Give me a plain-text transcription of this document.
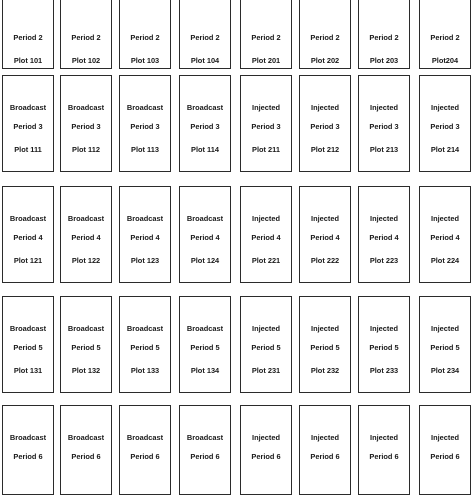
Period 2
Plot 101
Period 2
Plot 102
Period 2
Plot 103
Period 2
Plot 104
Period 2
Plot 201
Period 2
Plot 202
Period 2
Plot 203
Period 2
Plot204
Broadcast
Period 3
Plot 111
Broadcast
Period 3
Plot 112
Broadcast
Period 3
Plot 113
Broadcast
Period 3
Plot 114
Injected
Period 3
Plot 211
Injected
Period 3
Plot 212
Injected
Period 3
Plot 213
Injected
Period 3
Plot 214
Broadcast
Period 4
Plot 121
Broadcast
Period 4
Plot 122
Broadcast
Period 4
Plot 123
Broadcast
Period 4
Plot 124
Injected
Period 4
Plot 221
Injected
Period 4
Plot 222
Injected
Period 4
Plot 223
Injected
Period 4
Plot 224
Broadcast
Period 5
Plot 131
Broadcast
Period 5
Plot 132
Broadcast
Period 5
Plot 133
Broadcast
Period 5
Plot 134
Injected
Period 5
Plot 231
Injected
Period 5
Plot 232
Injected
Period 5
Plot 233
Injected
Period 5
Plot 234
Broadcast
Period 6
Broadcast
Period 6
Broadcast
Period 6
Broadcast
Period 6
Injected
Period 6
Injected
Period 6
Injected
Period 6
Injected
Period 6
